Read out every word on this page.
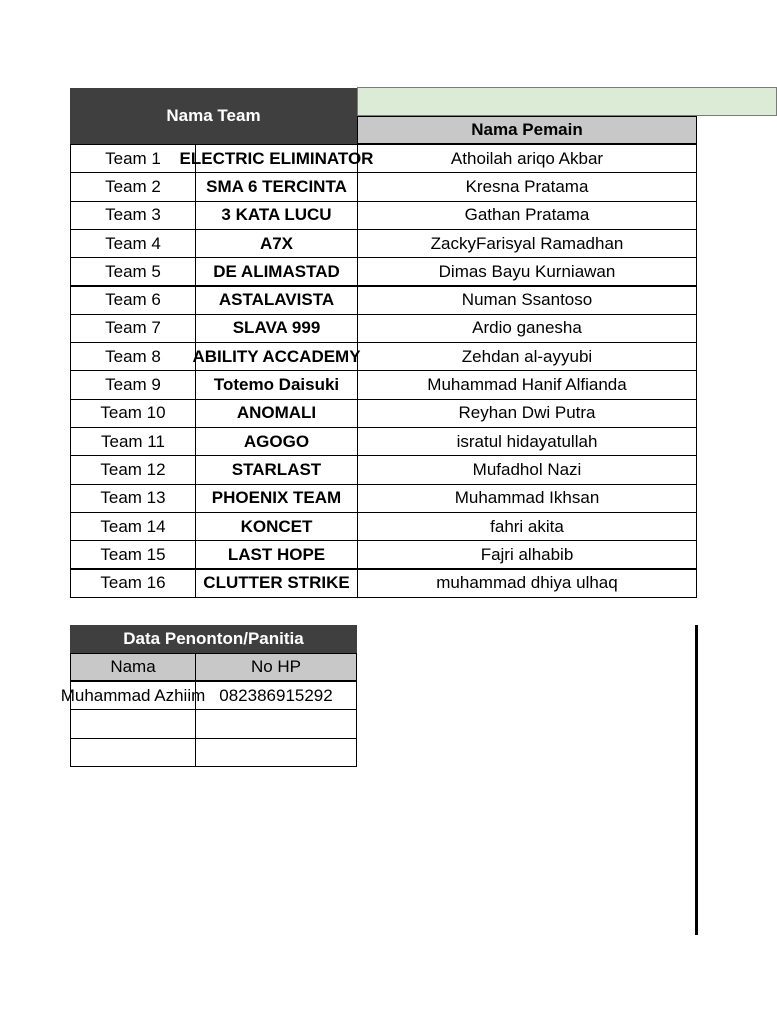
Nama Team
Nama Pemain
Team 1	ELECTRIC ELIMINATOR	Athoilah ariqo Akbar
Team 2	SMA 6 TERCINTA	Kresna Pratama
Team 3	3 KATA LUCU	Gathan Pratama
Team 4	A7X	ZackyFarisyal Ramadhan
Team 5	DE ALIMASTAD	Dimas Bayu Kurniawan
Team 6	ASTALAVISTA	Numan Ssantoso
Team 7	SLAVA 999	Ardio ganesha
Team 8	ABILITY ACCADEMY	Zehdan al-ayyubi
Team 9	Totemo Daisuki	Muhammad Hanif Alfianda
Team 10	ANOMALI	Reyhan Dwi Putra
Team 11	AGOGO	isratul hidayatullah
Team 12	STARLAST	Mufadhol Nazi
Team 13	PHOENIX TEAM	Muhammad Ikhsan
Team 14	KONCET	fahri akita
Team 15	LAST HOPE	Fajri alhabib
Team 16	CLUTTER STRIKE	muhammad dhiya ulhaq
Data Penonton/Panitia
Nama	No HP
Muhammad Azhiim 082386915292
